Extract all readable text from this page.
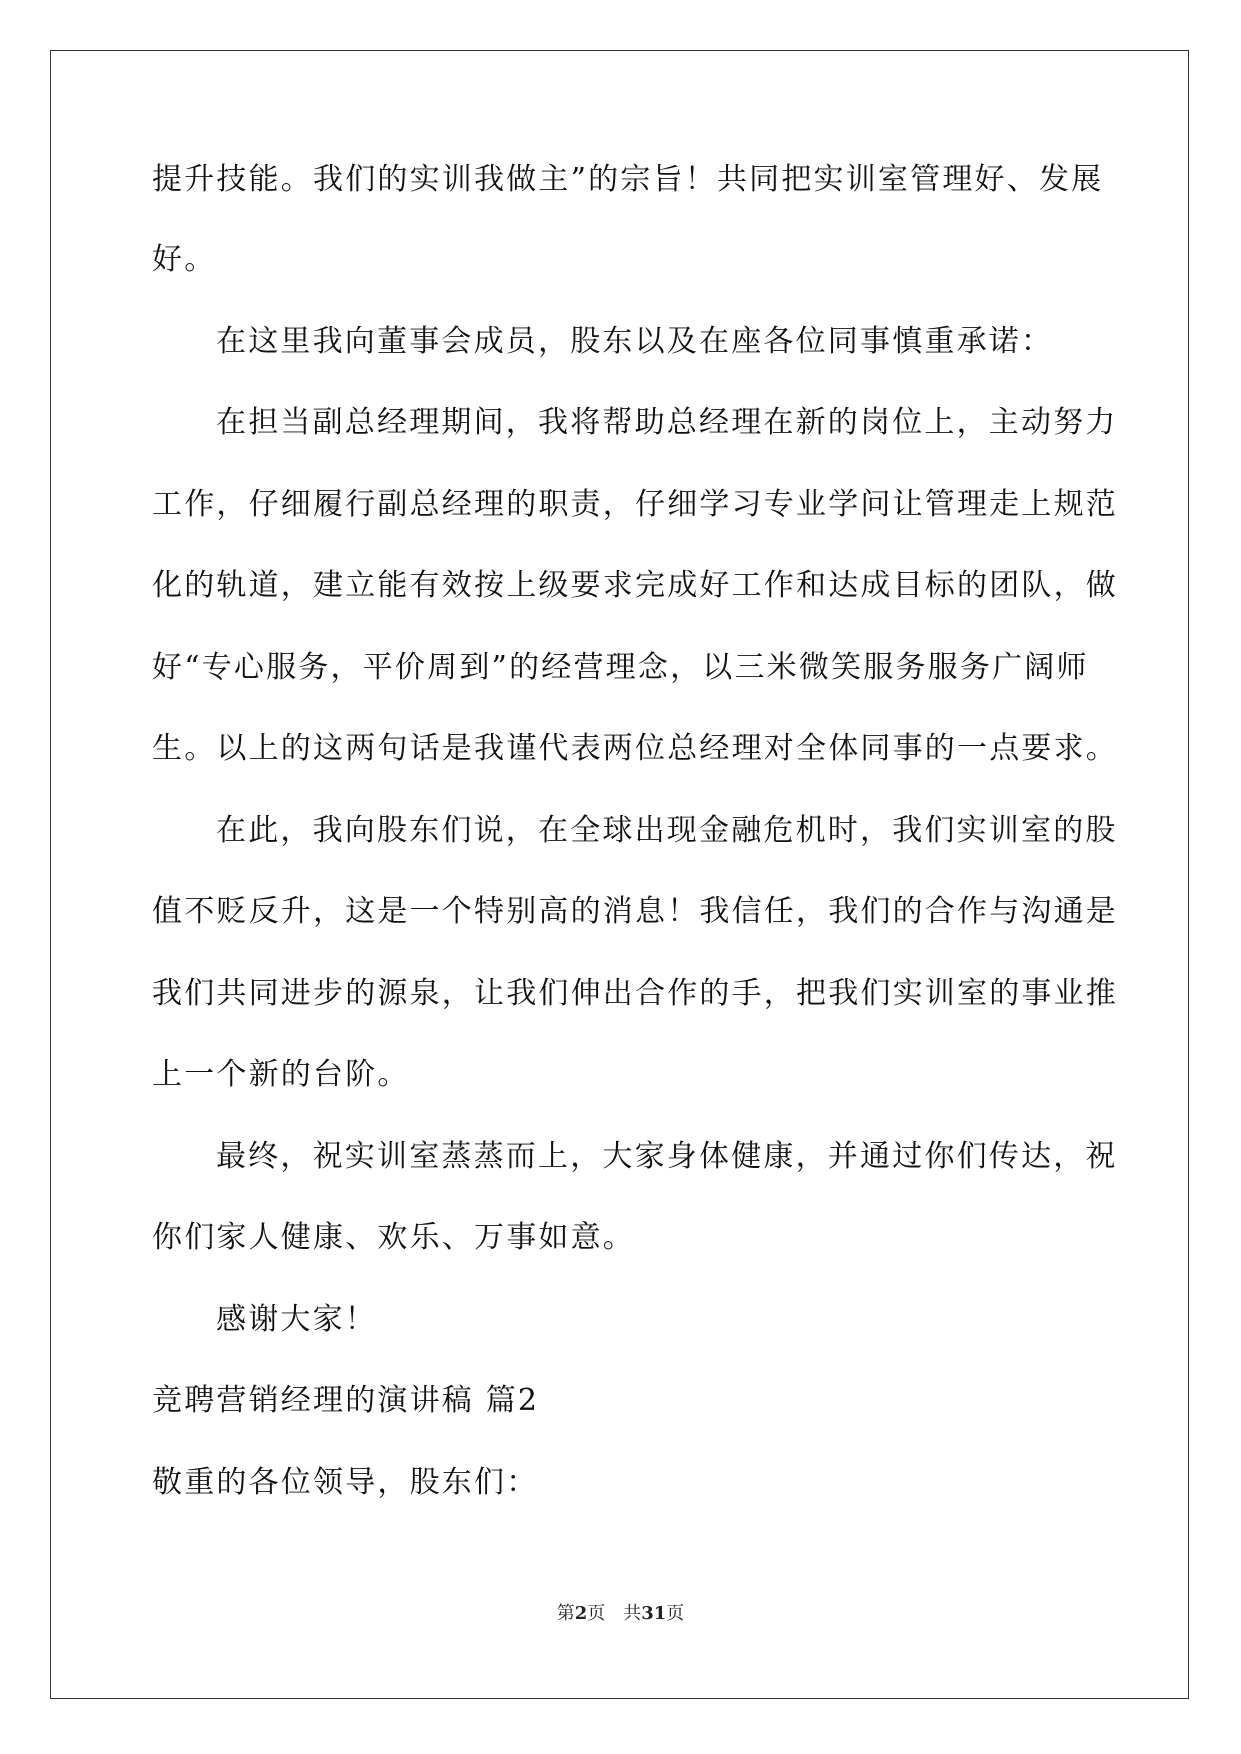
提升技能。我们的实训我做主”的宗旨！共同把实训室管理好、发展
好。
在这里我向董事会成员，股东以及在座各位同事慎重承诺：
在担当副总经理期间，我将帮助总经理在新的岗位上，主动努力
工作，仔细履行副总经理的职责，仔细学习专业学问让管理走上规范
化的轨道，建立能有效按上级要求完成好工作和达成目标的团队，做
好“专心服务，平价周到”的经营理念，以三米微笑服务服务广阔师
生。以上的这两句话是我谨代表两位总经理对全体同事的一点要求。
在此，我向股东们说，在全球出现金融危机时，我们实训室的股
值不贬反升，这是一个特别高的消息！我信任，我们的合作与沟通是
我们共同进步的源泉，让我们伸出合作的手，把我们实训室的事业推
上一个新的台阶。
最终，祝实训室蒸蒸而上，大家身体健康，并通过你们传达，祝
你们家人健康、欢乐、万事如意。
感谢大家！
竞聘营销经理的演讲稿 篇2
敬重的各位领导，股东们：
第2页　共31页
